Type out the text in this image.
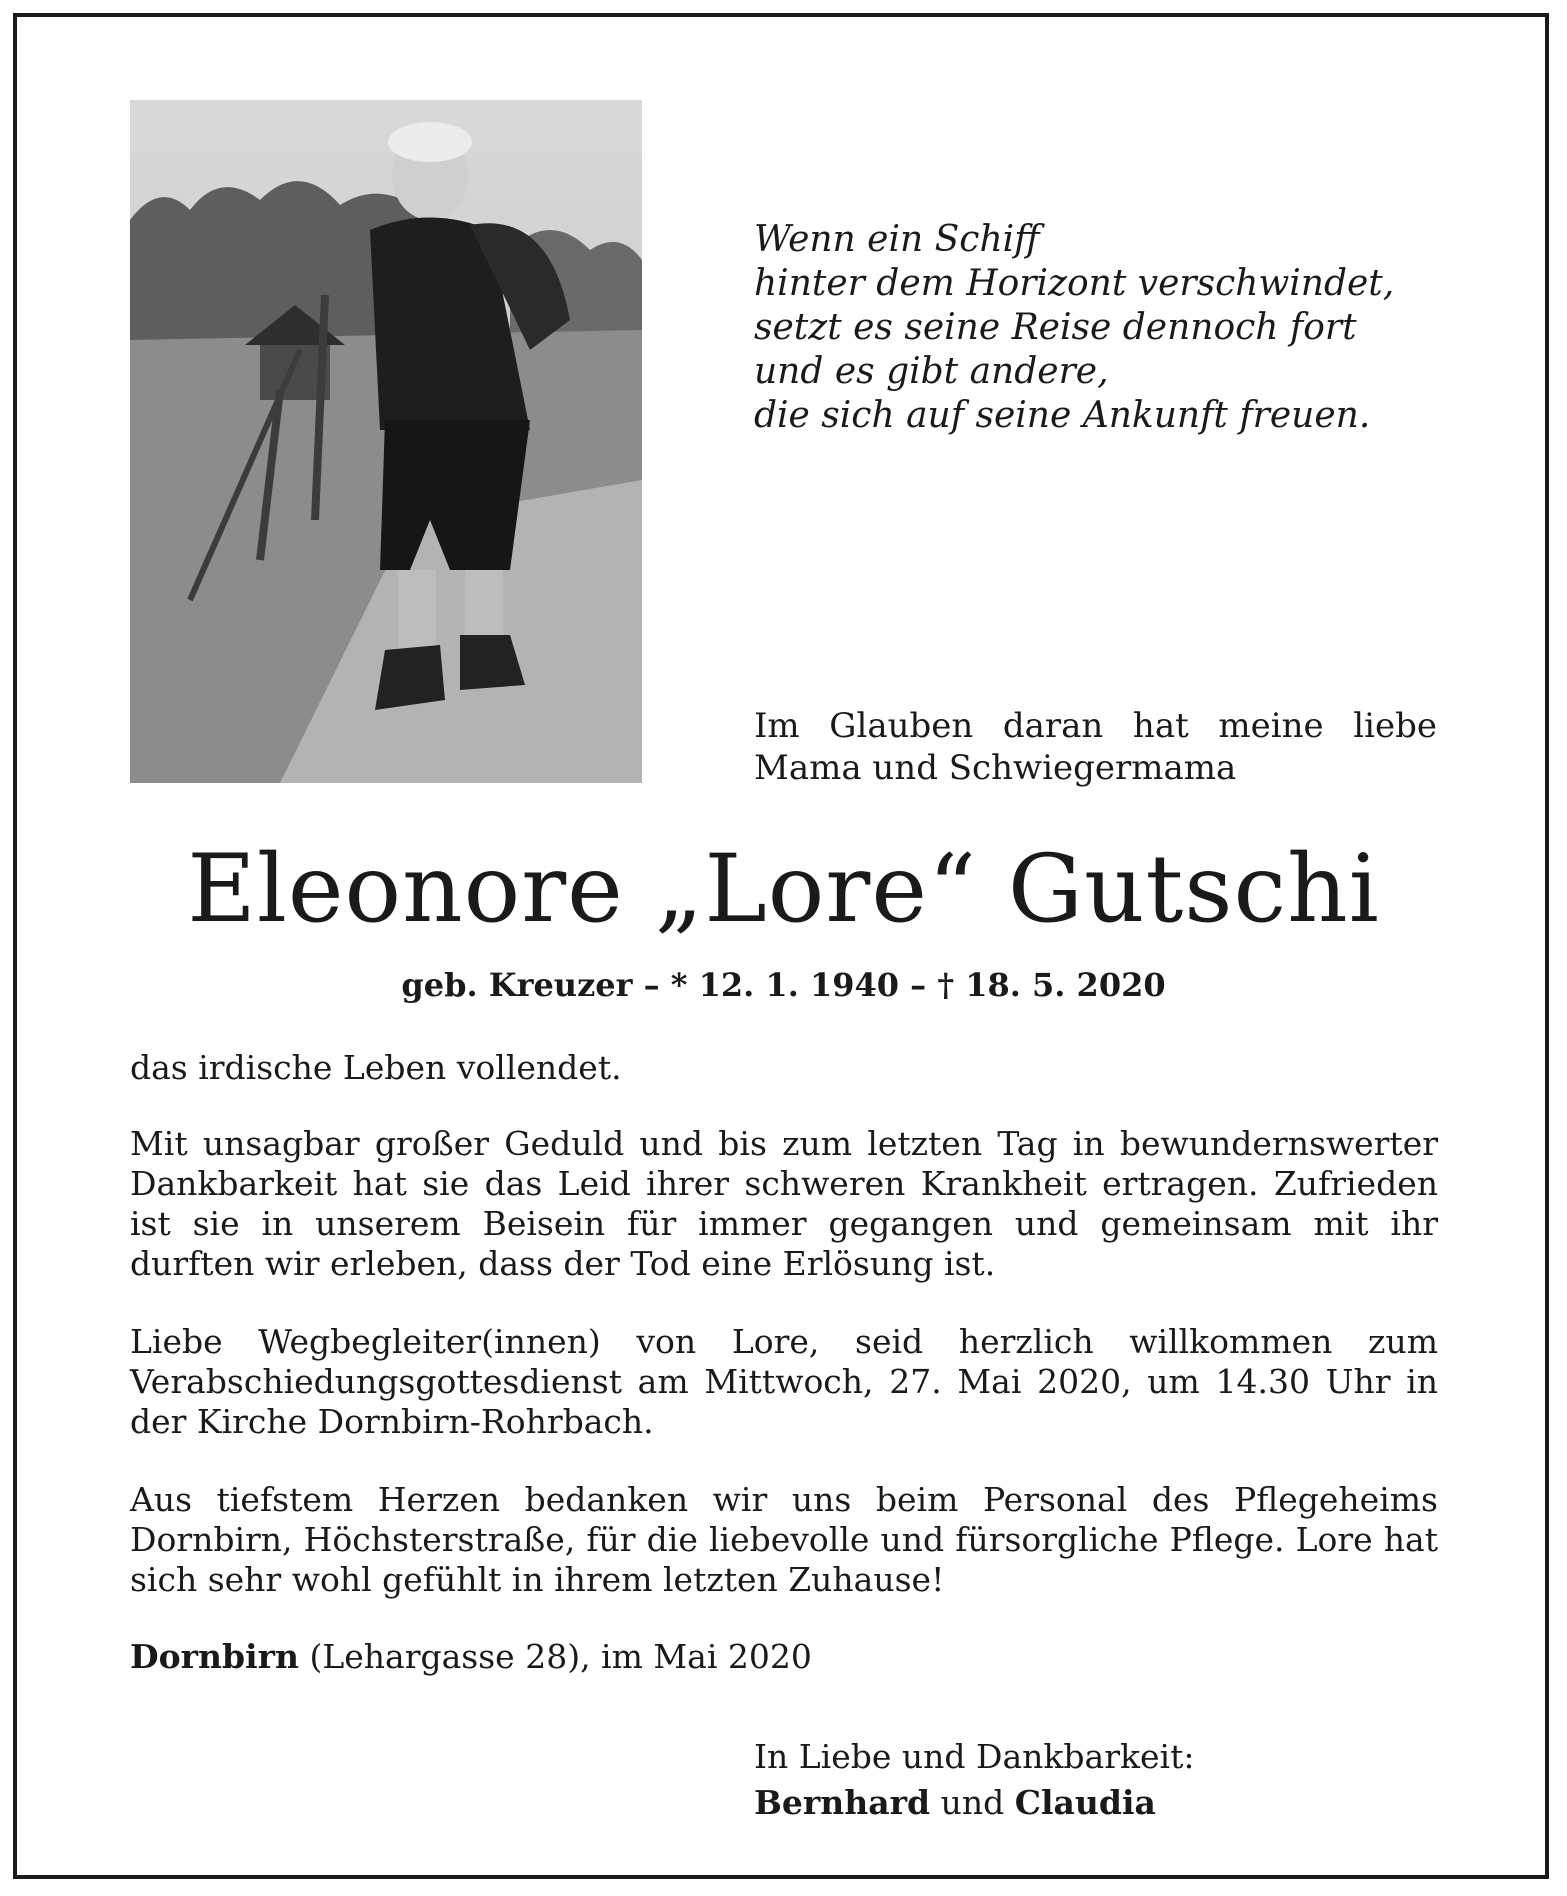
Wenn ein Schiff
hinter dem Horizont verschwindet,
setzt es seine Reise dennoch fort
und es gibt andere,
die sich auf seine Ankunft freuen.
Im Glauben daran hat meine liebe Mama und Schwiegermama
Eleonore „Lore“ Gutschi
geb. Kreuzer – * 12. 1. 1940 – † 18. 5. 2020
das irdische Leben vollendet.
Mit unsagbar großer Geduld und bis zum letzten Tag in bewundernswerter Dankbarkeit hat sie das Leid ihrer schweren Krankheit ertragen. Zufrieden ist sie in unserem Beisein für immer gegangen und gemeinsam mit ihr durften wir erleben, dass der Tod eine Erlösung ist.
Liebe Wegbegleiter(innen) von Lore, seid herzlich willkommen zum Verabschiedungsgottesdienst am Mittwoch, 27. Mai 2020, um 14.30 Uhr in der Kirche Dornbirn-Rohrbach.
Aus tiefstem Herzen bedanken wir uns beim Personal des Pflegeheims Dornbirn, Höchsterstraße, für die liebevolle und fürsorgliche Pflege. Lore hat sich sehr wohl gefühlt in ihrem letzten Zuhause!
Dornbirn (Lehargasse 28), im Mai 2020
In Liebe und Dankbarkeit:
Bernhard und Claudia
